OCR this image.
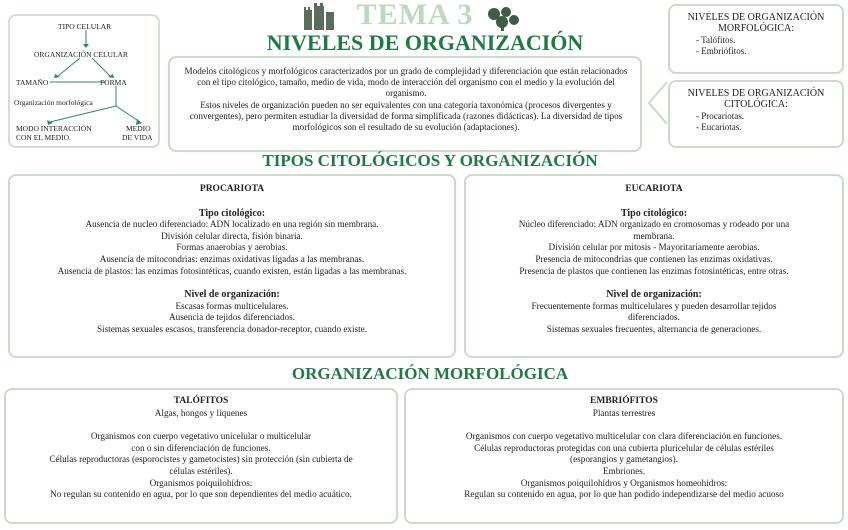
TEMA 3
NIVELES DE ORGANIZACIÓN
TIPO CELULAR
ORGANIZACIÓN CELULAR
TAMAÑO	FORMA
Organización morfológica
MODO INTERACCIÓN
CON EL MEDIO.
MEDIO
DE VIDA

Modelos citológicos y morfológicos caracterizados por un grado de complejidad y diferenciación que están relacionados con el tipo citológico, tamaño, medio de vida, modo de interacción del organismo con el medio y la evolución del organismo.

Estos niveles de organización pueden no ser equivalentes con una categoría taxonómica (procesos divergentes y convergentes), pero permiten estudiar la diversidad de forma simplificada (razones didácticas). La diversidad de tipos morfológicos son el resultado de su evolución (adaptaciones).

NIVELES DE ORGANIZACIÓN
MORFOLÓGICA:
- Talófitos.
- Embriófitos.
NIVELES DE ORGANIZACIÓN
CITOLÓGICA:
- Procariotas.
- Eucariotas.
TIPOS CITOLÓGICOS Y ORGANIZACIÓN
PROCARIOTA
Tipo citológico:
Ausencia de nucleo diferenciado: ADN localizado en una región sin membrana.
División celular directa, fisión binaria.
Formas anaerobias y aerobias.
Ausencia de mitocondrias: enzimas oxidativas ligadas a las membranas.
Ausencia de plastos: las enzimas fotosintéticas, cuando existen, están ligadas a las membranas.
Nivel de organización:
Escasas formas multicelulares.
Ausencia de tejidos diferenciados.
Sistemas sexuales escasos, transferencia donador-receptor, cuando existe.
EUCARIOTA
Tipo citológico:
Núcleo diferenciado: ADN organizado en cromosomas y rodeado por una
membrana.
División celular por mitosis - Mayoritariamente aerobias.
Presencia de mitocondrias que contienen las enzimas oxidativas.
Presencia de plastos que contienen las enzimas fotosintéticas, entre otras.
Nivel de organización:
Frecuentemente formas multicelulares y pueden desarrollar tejidos
diferenciados.
Sistemas sexuales frecuentes, alternancia de generaciones.
ORGANIZACIÓN MORFOLÓGICA
TALÓFITOS
Algas, hongos y líquenes
Organismos con cuerpo vegetativo unicelular o multicelular
con o sin diferenciación de funciones.
Células reproductoras (esporocistes y gametocistes) sin protección (sin cubierta de
células estériles).
Organismos poiquilohídros:
No regulan su contenido en agua, por lo que son dependientes del medio acuático.
EMBRIÓFITOS
Plantas terrestres
Organismos con cuerpo vegetativo multicelular con clara diferenciación en funciones.
Células reproductoras protegidas con una cubierta pluricelular de células estériles
(esporangios y gametangios).
Embriones.
Organismos poiquilohídros y Organismos homeohidros:
Regulan su contenido en agua, por lo que han podido independizarse del medio acuoso
